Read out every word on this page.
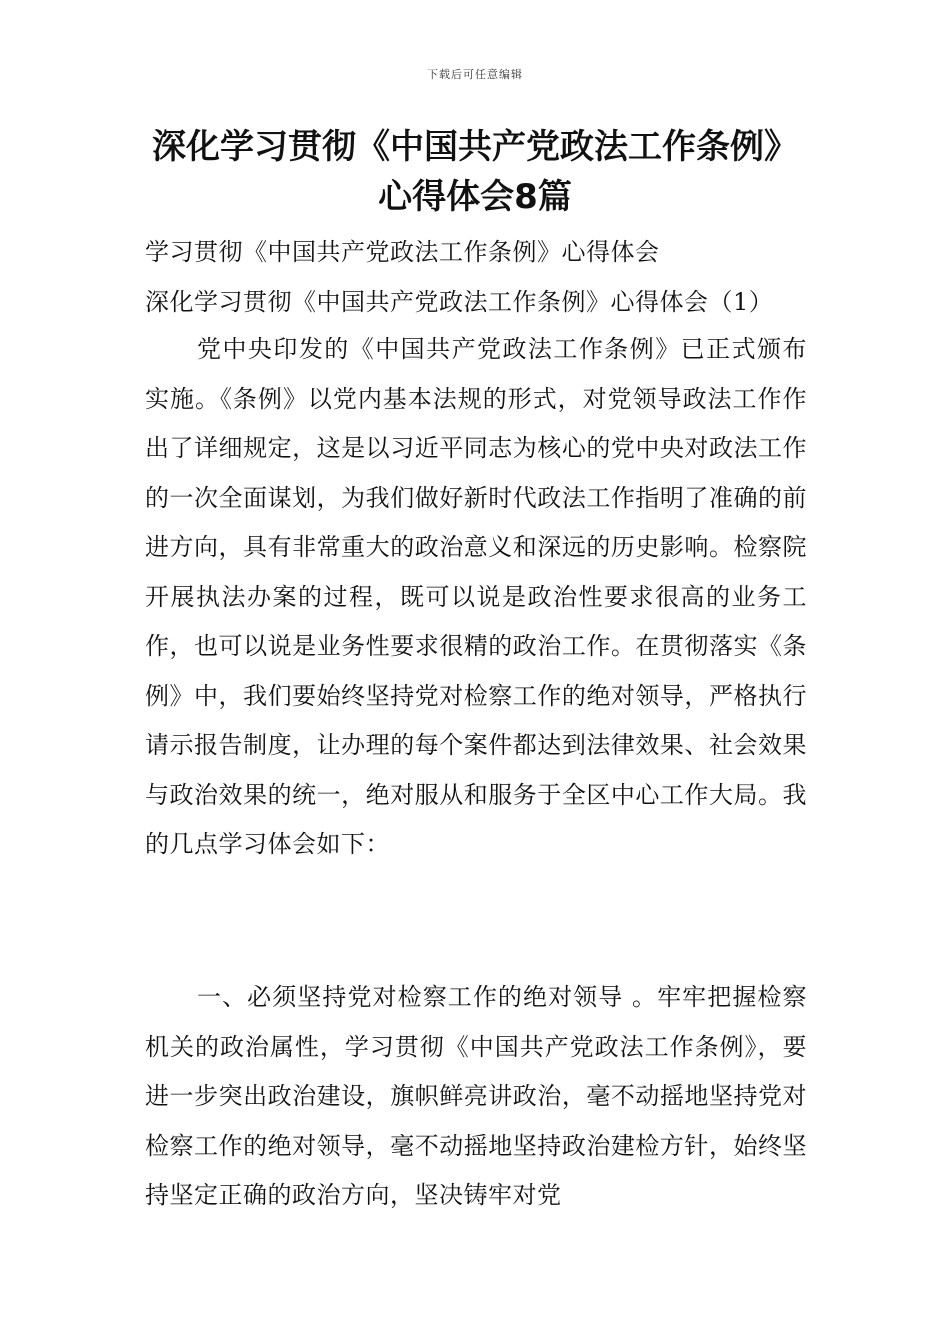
下载后可任意编辑
深化学习贯彻《中国共产党政法工作条例》心得体会8篇
学习贯彻《中国共产党政法工作条例》心得体会
深化学习贯彻《中国共产党政法工作条例》心得体会（1）
党中央印发的《中国共产党政法工作条例》已正式颁布实施。《条例》以党内基本法规的形式，对党领导政法工作作出了详细规定，这是以习近平同志为核心的党中央对政法工作的一次全面谋划，为我们做好新时代政法工作指明了准确的前进方向，具有非常重大的政治意义和深远的历史影响。检察院开展执法办案的过程，既可以说是政治性要求很高的业务工作，也可以说是业务性要求很精的政治工作。在贯彻落实《条例》中，我们要始终坚持党对检察工作的绝对领导，严格执行请示报告制度，让办理的每个案件都达到法律效果、社会效果与政治效果的统一，绝对服从和服务于全区中心工作大局。我的几点学习体会如下：
一、必须坚持党对检察工作的绝对领导 。牢牢把握检察机关的政治属性，学习贯彻《中国共产党政法工作条例》，要进一步突出政治建设，旗帜鲜亮讲政治，毫不动摇地坚持党对检察工作的绝对领导，毫不动摇地坚持政治建检方针，始终坚持坚定正确的政治方向，坚决铸牢对党
